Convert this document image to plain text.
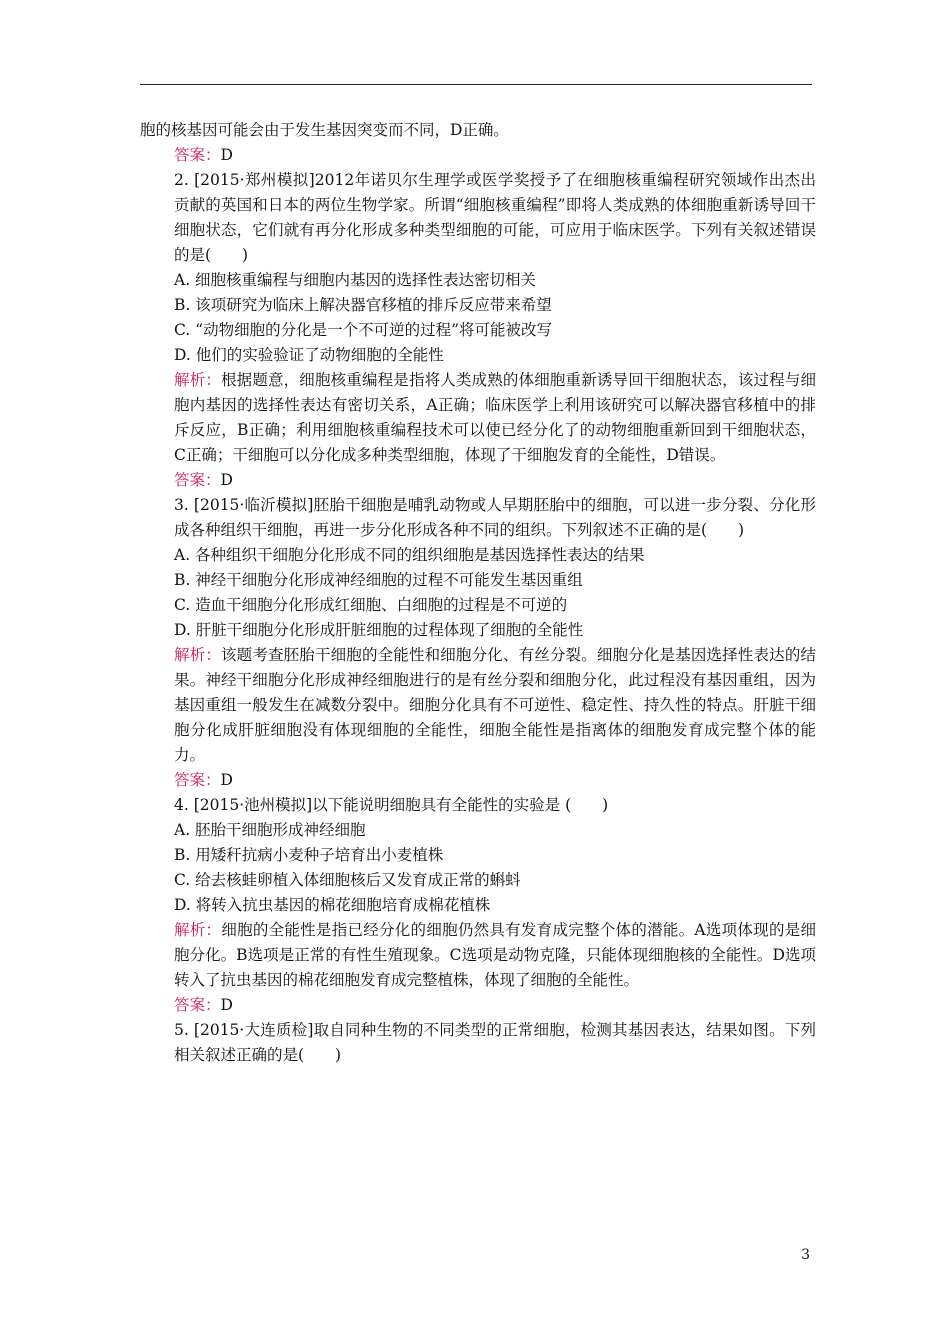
胞的核基因可能会由于发生基因突变而不同，D正确。

答案：D

2. [2015·郑州模拟]2012年诺贝尔生理学或医学奖授予了在细胞核重编程研究领域作出杰出贡献的英国和日本的两位生物学家。所谓“细胞核重编程”即将人类成熟的体细胞重新诱导回干细胞状态，它们就有再分化形成多种类型细胞的可能，可应用于临床医学。下列有关叙述错误的是(　　)

A. 细胞核重编程与细胞内基因的选择性表达密切相关

B. 该项研究为临床上解决器官移植的排斥反应带来希望

C. “动物细胞的分化是一个不可逆的过程”将可能被改写

D. 他们的实验验证了动物细胞的全能性

解析：根据题意，细胞核重编程是指将人类成熟的体细胞重新诱导回干细胞状态，该过程与细胞内基因的选择性表达有密切关系，A正确；临床医学上利用该研究可以解决器官移植中的排斥反应，B正确；利用细胞核重编程技术可以使已经分化了的动物细胞重新回到干细胞状态，C正确；干细胞可以分化成多种类型细胞，体现了干细胞发育的全能性，D错误。

答案：D

3. [2015·临沂模拟]胚胎干细胞是哺乳动物或人早期胚胎中的细胞，可以进一步分裂、分化形成各种组织干细胞，再进一步分化形成各种不同的组织。下列叙述不正确的是(　　)

A. 各种组织干细胞分化形成不同的组织细胞是基因选择性表达的结果

B. 神经干细胞分化形成神经细胞的过程不可能发生基因重组

C. 造血干细胞分化形成红细胞、白细胞的过程是不可逆的

D. 肝脏干细胞分化形成肝脏细胞的过程体现了细胞的全能性

解析：该题考查胚胎干细胞的全能性和细胞分化、有丝分裂。细胞分化是基因选择性表达的结果。神经干细胞分化形成神经细胞进行的是有丝分裂和细胞分化，此过程没有基因重组，因为基因重组一般发生在减数分裂中。细胞分化具有不可逆性、稳定性、持久性的特点。肝脏干细胞分化成肝脏细胞没有体现细胞的全能性，细胞全能性是指离体的细胞发育成完整个体的能力。

答案：D

4. [2015·池州模拟]以下能说明细胞具有全能性的实验是 (　　)

A. 胚胎干细胞形成神经细胞

B. 用矮秆抗病小麦种子培育出小麦植株

C. 给去核蛙卵植入体细胞核后又发育成正常的蝌蚪

D. 将转入抗虫基因的棉花细胞培育成棉花植株

解析：细胞的全能性是指已经分化的细胞仍然具有发育成完整个体的潜能。A选项体现的是细胞分化。B选项是正常的有性生殖现象。C选项是动物克隆，只能体现细胞核的全能性。D选项转入了抗虫基因的棉花细胞发育成完整植株，体现了细胞的全能性。

答案：D

5. [2015·大连质检]取自同种生物的不同类型的正常细胞，检测其基因表达，结果如图。下列相关叙述正确的是(　　)

3
